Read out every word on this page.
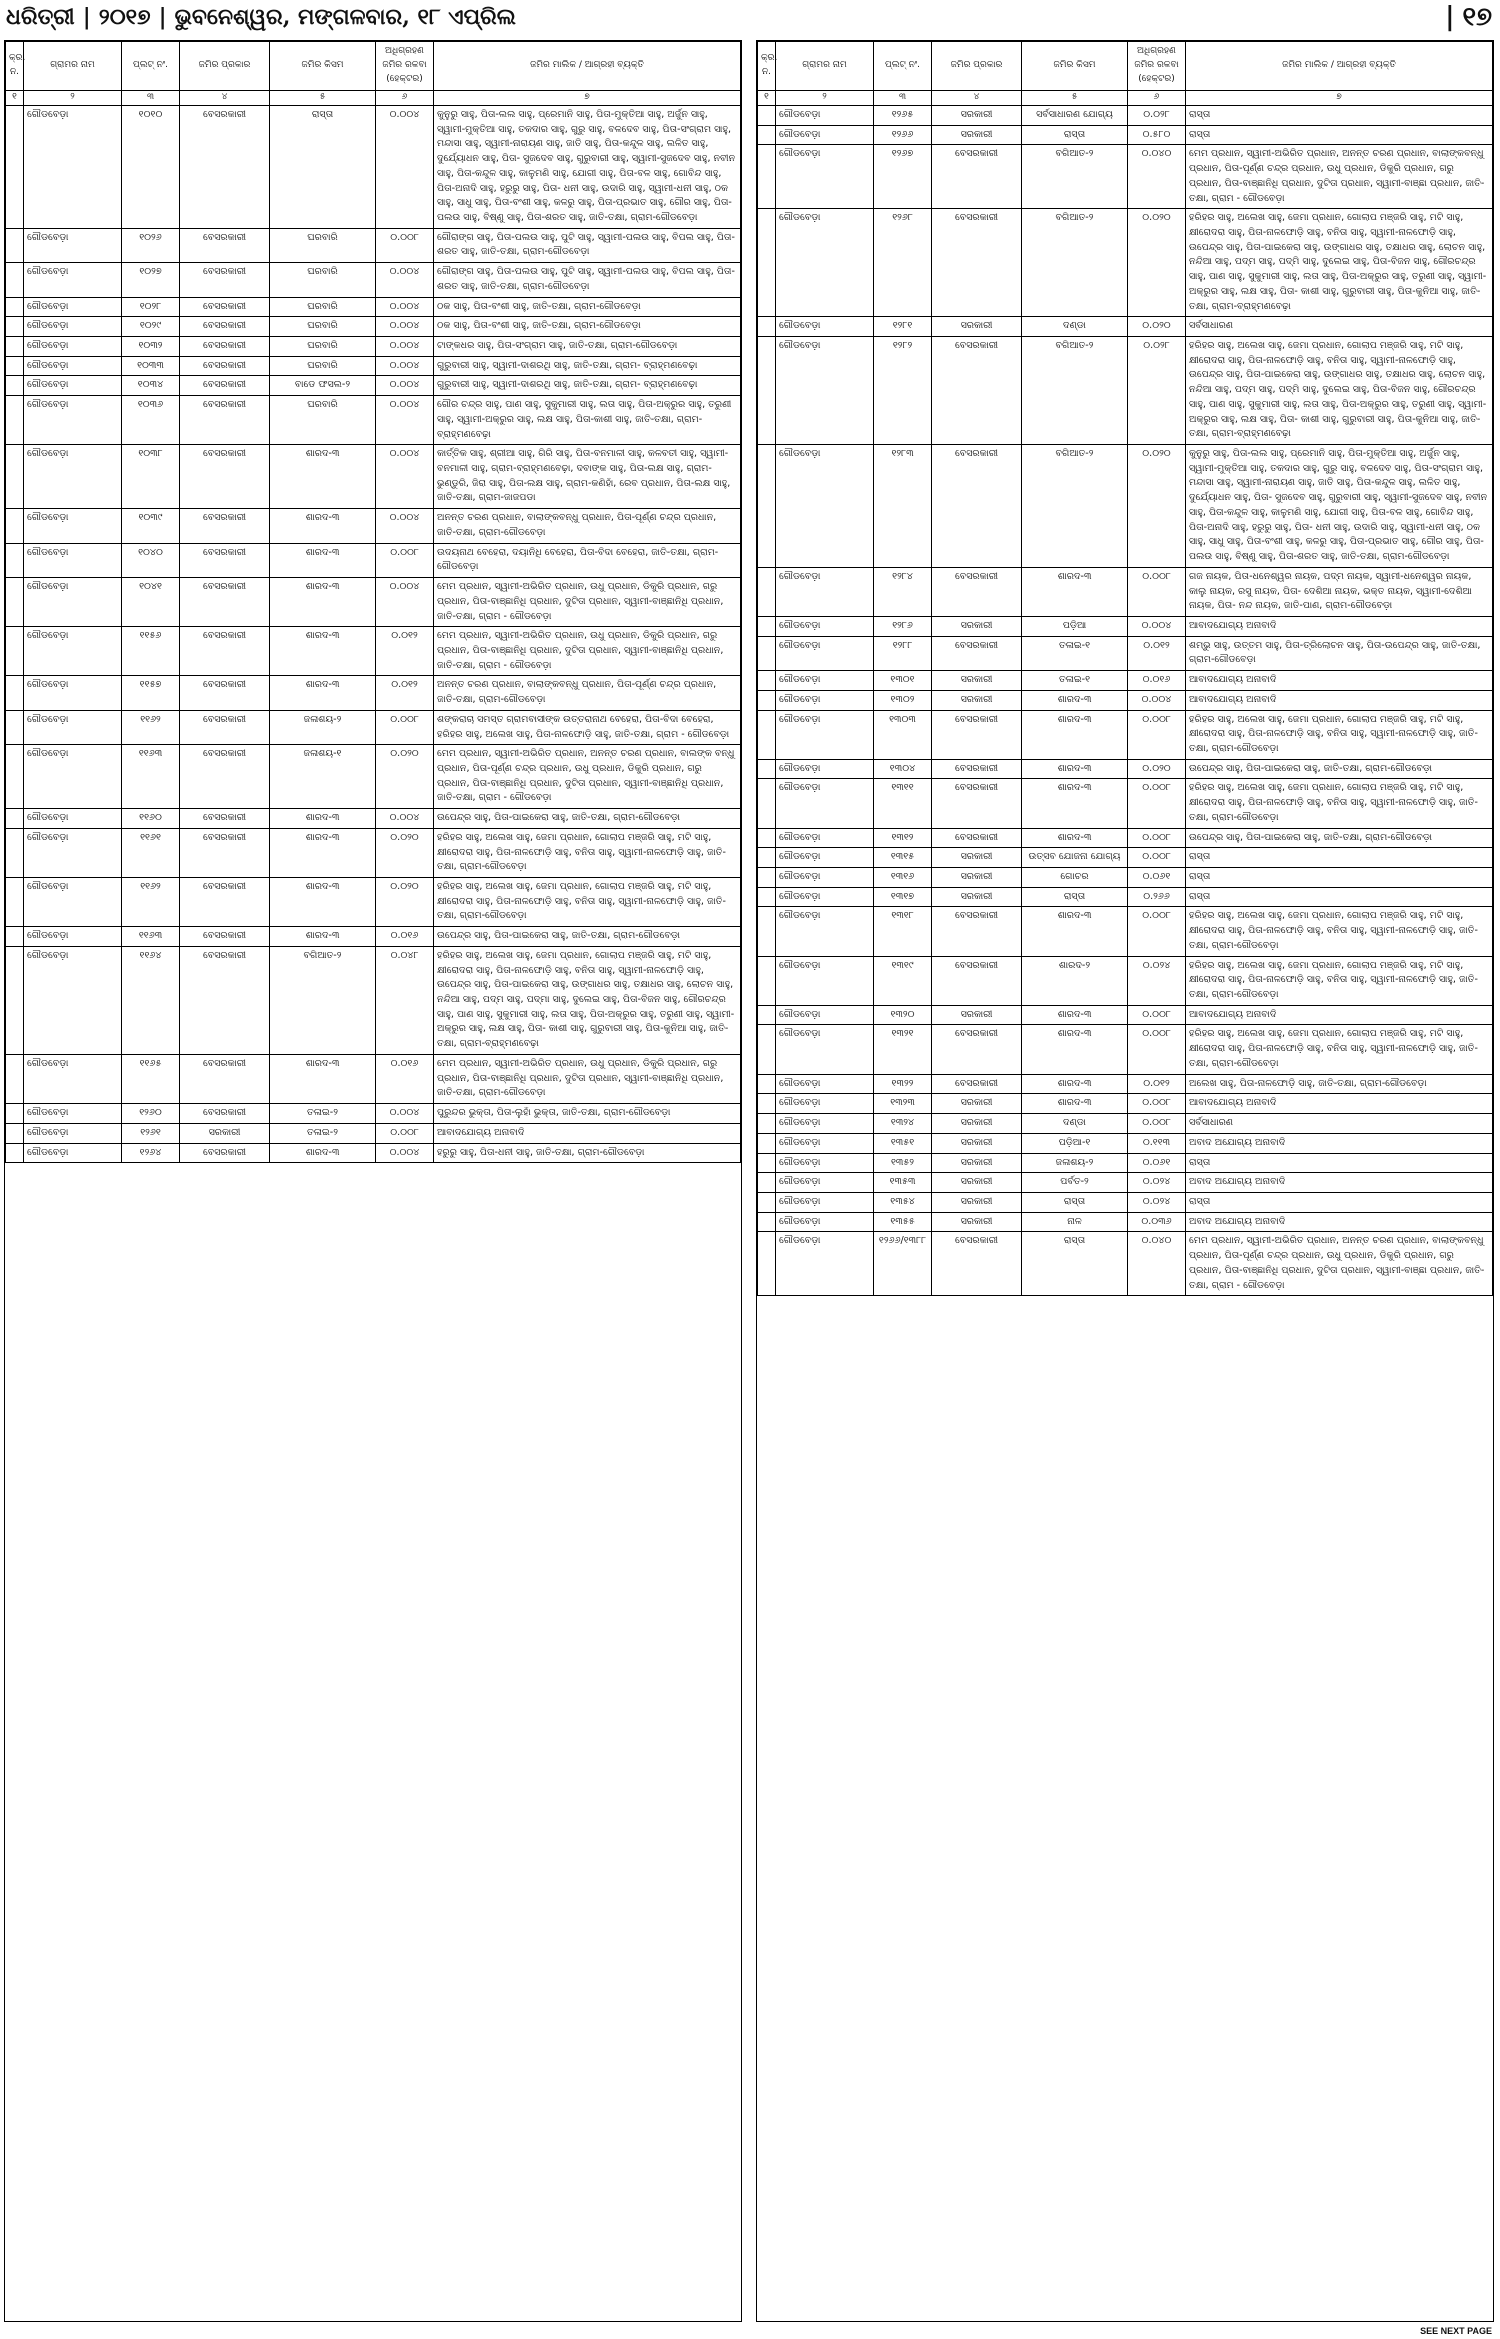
ଧରିତ୍ରୀ | ୨୦୧୭ | ଭୁବନେଶ୍ୱର, ମଙ୍ଗଳବାର, ୧୮ ଏପ୍ରିଲ	| ୧୭
କ୍ର. ନ.	ଗ୍ରାମର ନାମ	ପ୍ଲଟ୍ ନଂ.	ଜମିର ପ୍ରକାର	ଜମିର କିସମ	ଅଧିଗ୍ରହଣ ଜମିର ରକବା (ହେକ୍ଟର)	ଜମିର ମାଲିକ / ଆଗ୍ରହୀ ବ୍ୟକ୍ତି
୧	୨	୩	୪	୫	୬	୭
	ଗୌଡବେଡ଼ା	୧୦୧୦	ବେସରକାରୀ	ରାସ୍ତା	୦.୦୦୪	କୁନୁରୁ ସାହୁ, ପିତା-ଲଲ ସାହୁ, ପ୍ରେମାନି ସାହୁ, ପିତା-ମୁକ୍ତିଆ ସାହୁ, ଅର୍ଜୁନ ସାହୁ, ସ୍ୱାମୀ-ମୁକ୍ତିଆ ସାହୁ, ତକଦାର ସାହୁ, ଗୁରୁ ସାହୁ, ବଳଦେବ ସାହୁ, ପିତା-ସଂଗ୍ରାମ ସାହୁ, ମନ୍ଦାସା ସାହୁ, ସ୍ୱାମୀ-ନାରାୟଣ ସାହୁ, ଜାତି ସାହୁ, ପିତା-କନ୍ଦୁଳ ସାହୁ, ଲଳିତ ସାହୁ, ଦୁର୍ଯ୍ୟୋଧନ ସାହୁ, ପିତା- ସୁଜଦେବ ସାହୁ, ଗୁରୁବାରୀ ସାହୁ, ସ୍ୱାମୀ-ସୁଜଦେବ ସାହୁ, ନବୀନ ସାହୁ, ପିତା-କନ୍ଦୁଳ ସାହୁ, କାଳୁମଣି ସାହୁ, ଯୋଗୀ ସାହୁ, ପିତା-ବଳ ସାହୁ, ଗୋବିନ୍ଦ ସାହୁ, ପିତା-ଅନାଦି ସାହୁ, ହରୁରୁ ସାହୁ, ପିତା- ଧନୀ ସାହୁ, ଉଦାରି ସାହୁ, ସ୍ୱାମୀ-ଧନୀ ସାହୁ, ଠକ ସାହୁ, ସାଧୁ ସାହୁ, ପିତା-ବଂଶୀ ସାହୁ, କଳରୁ ସାହୁ, ପିତା-ପ୍ରଭାତ ସାହୁ, ଗୌର ସାହୁ, ପିତା- ପଲଉ ସାହୁ, ବିଷ୍ଣୁ ସାହୁ, ପିତା-ଶରତ ସାହୁ, ଜାତି-ତକ୍ଷା, ଗ୍ରାମ-ଗୌଡବେଡ଼ା
	ଗୌଡବେଡ଼ା	୧୦୨୬	ବେସରକାରୀ	ଘରବାରି	୦.୦୦୮	ଗୌରାଙ୍ଗ ସାହୁ, ପିତା-ପଲଉ ସାହୁ, ପୁଟି ସାହୁ, ସ୍ୱାମୀ-ପଲଉ ସାହୁ, ବିପଲ ସାହୁ, ପିତା-ଶରତ ସାହୁ, ଜାତି-ତକ୍ଷା, ଗ୍ରାମ-ଗୌଡବେଡ଼ା
	ଗୌଡବେଡ଼ା	୧୦୨୭	ବେସରକାରୀ	ଘରବାରି	୦.୦୦୪	ଗୌରାଙ୍ଗ ସାହୁ, ପିତା-ପଲଉ ସାହୁ, ପୁଟି ସାହୁ, ସ୍ୱାମୀ-ପଲଉ ସାହୁ, ବିପଲ ସାହୁ, ପିତା-ଶରତ ସାହୁ, ଜାତି-ତକ୍ଷା, ଗ୍ରାମ-ଗୌଡବେଡ଼ା
	ଗୌଡବେଡ଼ା	୧୦୨୮	ବେସରକାରୀ	ଘରବାରି	୦.୦୦୪	ଠକ ସାହୁ, ପିତା-ବଂଶୀ ସାହୁ, ଜାତି-ତକ୍ଷା, ଗ୍ରାମ-ଗୌଡବେଡ଼ା
	ଗୌଡବେଡ଼ା	୧୦୨୯	ବେସରକାରୀ	ଘରବାରି	୦.୦୦୪	ଠକ ସାହୁ, ପିତା-ବଂଶୀ ସାହୁ, ଜାତି-ତକ୍ଷା, ଗ୍ରାମ-ଗୌଡବେଡ଼ା
	ଗୌଡବେଡ଼ା	୧୦୩୨	ବେସରକାରୀ	ଘରବାରି	୦.୦୦୪	ଟାଙ୍କଧର ସାହୁ, ପିତା-ସଂଗ୍ରାମ ସାହୁ, ଜାତି-ତକ୍ଷା, ଗ୍ରାମ-ଗୌଡବେଡ଼ା
	ଗୌଡବେଡ଼ା	୧୦୩୩	ବେସରକାରୀ	ଘରବାରି	୦.୦୦୪	ଗୁରୁବାରୀ ସାହୁ, ସ୍ୱାମୀ-ଦାଶରଥି ସାହୁ, ଜାତି-ତକ୍ଷା, ଗ୍ରାମ- ବ୍ରାହ୍ମଣବେଢ଼ା
	ଗୌଡବେଡ଼ା	୧୦୩୪	ବେସରକାରୀ	ବାଡେ ଫସଲ-୨	୦.୦୦୪	ଗୁରୁବାରୀ ସାହୁ, ସ୍ୱାମୀ-ଦାଶରଥି ସାହୁ, ଜାତି-ତକ୍ଷା, ଗ୍ରାମ- ବ୍ରାହ୍ମଣବେଢ଼ା
	ଗୌଡବେଡ଼ା	୧୦୩୬	ବେସରକାରୀ	ଘରବାରି	୦.୦୦୪	ଗୌର ଚନ୍ଦ୍ର ସାହୁ, ପାଣ ସାହୁ, ସୁକୁମାରୀ ସାହୁ, ଲତା ସାହୁ, ପିତା-ଅକ୍ରୁର ସାହୁ, ତରୁଣୀ ସାହୁ, ସ୍ୱାମୀ-ଅକ୍ରୁର ସାହୁ, ଲକ୍ଷ ସାହୁ, ପିତା-କାଶୀ ସାହୁ, ଜାତି-ତକ୍ଷା, ଗ୍ରାମ-ବ୍ରାହ୍ମଣବେଢ଼ା
	ଗୌଡବେଡ଼ା	୧୦୩୮	ବେସରକାରୀ	ଶାରଦ-୩	୦.୦୦୪	କାର୍ତ୍ତିକ ସାହୁ, ଶ୍ରୀଆ ସାହୁ, ଗିରି ସାହୁ, ପିତା-ବନମାଳୀ ସାହୁ, କଳବତୀ ସାହୁ, ସ୍ୱାମୀ-ବନମାଳୀ ସାହୁ, ଗ୍ରାମ-ବ୍ରାହ୍ମଣବେଢ଼ା, ଦବାଙ୍କ ସାହୁ, ପିତା-ଲକ୍ଷ ସାହୁ, ଗ୍ରାମ-ଭୁଣ୍ଡୁରି, ଜିରା ସାହୁ, ପିତା-ଲକ୍ଷ ସାହୁ, ଗ୍ରାମ-କଣିହାଁ, ରେବ ପ୍ରଧାନ, ପିତା-ଲକ୍ଷ ସାହୁ, ଜାତି-ତକ୍ଷା, ଗ୍ରାମ-ଜାଜପଡା
	ଗୌଡବେଡ଼ା	୧୦୩୯	ବେସରକାରୀ	ଶାରଦ-୩	୦.୦୦୪	ଅନନ୍ତ ଚରଣ ପ୍ରଧାନ, ବାଲାଙ୍କବନ୍ଧୁ ପ୍ରଧାନ, ପିତା-ପୂର୍ଣ୍ଣ ଚନ୍ଦ୍ର ପ୍ରଧାନ, ଜାତି-ତକ୍ଷା, ଗ୍ରାମ-ଗୌଡବେଡ଼ା
	ଗୌଡବେଡ଼ା	୧୦୪୦	ବେସରକାରୀ	ଶାରଦ-୩	୦.୦୦୮	ଉଦୟନାଥ ବେହେରା, ଦୟାନିଧି ବେହେରା, ପିତା-ବିଦା ବେହେରା, ଜାତି-ତକ୍ଷା, ଗ୍ରାମ-ଗୌଡବେଡ଼ା
	ଗୌଡବେଡ଼ା	୧୦୪୧	ବେସରକାରୀ	ଶାରଦ-୩	୦.୦୦୪	ମେମ ପ୍ରଧାନ, ସ୍ୱାମୀ-ଅଭିରିତ ପ୍ରଧାନ, ଉଧୁ ପ୍ରଧାନ, ଡିକୁରି ପ୍ରଧାନ, ଗରୁ ପ୍ରଧାନ, ପିତା-ବାଞ୍ଛାନିଧି ପ୍ରଧାନ, ଦୁଟିତା ପ୍ରଧାନ, ସ୍ୱାମୀ-ବାଞ୍ଛାନିଧି ପ୍ରଧାନ, ଜାତି-ତକ୍ଷା, ଗ୍ରାମ - ଗୌଡବେଡ଼ା
	ଗୌଡବେଡ଼ା	୧୧୫୬	ବେସରକାରୀ	ଶାରଦ-୩	୦.୦୧୨	ମେମ ପ୍ରଧାନ, ସ୍ୱାମୀ-ଅଭିରିତ ପ୍ରଧାନ, ଉଧୁ ପ୍ରଧାନ, ଡିକୁରି ପ୍ରଧାନ, ଗରୁ ପ୍ରଧାନ, ପିତା-ବାଞ୍ଛାନିଧି ପ୍ରଧାନ, ଦୁଟିତା ପ୍ରଧାନ, ସ୍ୱାମୀ-ବାଞ୍ଛାନିଧି ପ୍ରଧାନ, ଜାତି-ତକ୍ଷା, ଗ୍ରାମ - ଗୌଡବେଡ଼ା
	ଗୌଡବେଡ଼ା	୧୧୫୭	ବେସରକାରୀ	ଶାରଦ-୩	୦.୦୧୨	ଅନନ୍ତ ଚରଣ ପ୍ରଧାନ, ବାଲାଙ୍କବନ୍ଧୁ ପ୍ରଧାନ, ପିତା-ପୂର୍ଣ୍ଣ ଚନ୍ଦ୍ର ପ୍ରଧାନ, ଜାତି-ତକ୍ଷା, ଗ୍ରାମ-ଗୌଡବେଡ଼ା
	ଗୌଡବେଡ଼ା	୧୧୬୨	ବେସରକାରୀ	ଜଳାଶୟ-୨	୦.୦୦୮	ଶଙ୍କରାଚା ସମସ୍ତ ଗ୍ରାମବାସୀଙ୍କ ଉତ୍ତରାନାଥ ବେହେରା, ପିତା-ବିଦା ବେହେରା, ହରିହର ସାହୁ, ଅଲେଖ ସାହୁ, ପିତା-ନାଳଫୋଡ଼ି ସାହୁ, ଜାତି-ତକ୍ଷା, ଗ୍ରାମ - ଗୌଡବେଡ଼ା
	ଗୌଡବେଡ଼ା	୧୧୬୩	ବେସରକାରୀ	ଜଳାଶୟ-୧	୦.୦୨୦	ମେମ ପ୍ରଧାନ, ସ୍ୱାମୀ-ଅଭିରିତ ପ୍ରଧାନ, ଅନନ୍ତ ଚରଣ ପ୍ରଧାନ, ବାଲଙ୍କ ବନ୍ଧୁ ପ୍ରଧାନ, ପିତା-ପୂର୍ଣ୍ଣ ଚନ୍ଦ୍ର ପ୍ରଧାନ, ଉଧୁ ପ୍ରଧାନ, ଡିକୁରି ପ୍ରଧାନ, ଗରୁ ପ୍ରଧାନ, ପିତା-ବାଞ୍ଛାନିଧି ପ୍ରଧାନ, ଦୁଟିତା ପ୍ରଧାନ, ସ୍ୱାମୀ-ବାଞ୍ଛାନିଧି ପ୍ରଧାନ, ଜାତି-ତକ୍ଷା, ଗ୍ରାମ - ଗୌଡବେଡ଼ା
	ଗୌଡବେଡ଼ା	୧୧୬୦	ବେସରକାରୀ	ଶାରଦ-୩	୦.୦୦୪	ଉପେନ୍ଦ୍ର ସାହୁ, ପିତା-ପାଇକେରା ସାହୁ, ଜାତି-ତକ୍ଷା, ଗ୍ରାମ-ଗୌଡବେଡ଼ା
	ଗୌଡବେଡ଼ା	୧୧୬୧	ବେସରକାରୀ	ଶାରଦ-୩	୦.୦୨୦	ହରିହର ସାହୁ, ଅଲେଖ ସାହୁ, ଜେମା ପ୍ରଧାନ, ଗୋଲାପ ମଞ୍ଜରି ସାହୁ, ମଟି ସାହୁ, କ୍ଷୀରୋଦରା ସାହୁ, ପିତା-ନାଳଫୋଡ଼ି ସାହୁ, ବନିତା ସାହୁ, ସ୍ୱାମୀ-ନାଳଫୋଡ଼ି ସାହୁ, ଜାତି-ତକ୍ଷା, ଗ୍ରାମ-ଗୌଡବେଡ଼ା
	ଗୌଡବେଡ଼ା	୧୧୬୨	ବେସରକାରୀ	ଶାରଦ-୩	୦.୦୨୦	ହରିହର ସାହୁ, ଅଲେଖ ସାହୁ, ଜେମା ପ୍ରଧାନ, ଗୋଲାପ ମଞ୍ଜରି ସାହୁ, ମଟି ସାହୁ, କ୍ଷୀରୋଦରା ସାହୁ, ପିତା-ନାଳଫୋଡ଼ି ସାହୁ, ବନିତା ସାହୁ, ସ୍ୱାମୀ-ନାଳଫୋଡ଼ି ସାହୁ, ଜାତି-ତକ୍ଷା, ଗ୍ରାମ-ଗୌଡବେଡ଼ା
	ଗୌଡବେଡ଼ା	୧୧୬୩	ବେସରକାରୀ	ଶାରଦ-୩	୦.୦୧୬	ଉପେନ୍ଦ୍ର ସାହୁ, ପିତା-ପାଇକେରା ସାହୁ, ଜାତି-ତକ୍ଷା, ଗ୍ରାମ-ଗୌଡବେଡ଼ା
	ଗୌଡବେଡ଼ା	୧୧୬୪	ବେସରକାରୀ	ବଗିଆତ-୨	୦.୦୪୮	ହରିହର ସାହୁ, ଅଲେଖ ସାହୁ, ଜେମା ପ୍ରଧାନ, ଗୋଲାପ ମଞ୍ଜରି ସାହୁ, ମଟି ସାହୁ, କ୍ଷୀରୋଦରା ସାହୁ, ପିତା-ନାଳଫୋଡ଼ି ସାହୁ, ବନିତା ସାହୁ, ସ୍ୱାମୀ-ନାଳଫୋଡ଼ି ସାହୁ, ଉପେନ୍ଦ୍ର ସାହୁ, ପିତା-ପାଇକେରା ସାହୁ, ଉଙ୍ଗାଧର ସାହୁ, ତକ୍ଷାଧର ସାହୁ, ଲୋଚନ ସାହୁ, ନନ୍ଦିଆ ସାହୁ, ପଦ୍ମ ସାହୁ, ପଦ୍ମା ସାହୁ, ଦୁଲେଇ ସାହୁ, ପିତା-ବିଜନ ସାହୁ, ଗୌରଚନ୍ଦ୍ର ସାହୁ, ପାଣ ସାହୁ, ସୁକୁମାରୀ ସାହୁ, ଲତା ସାହୁ, ପିତା-ଅକ୍ରୁର ସାହୁ, ତରୁଣୀ ସାହୁ, ସ୍ୱାମୀ-ଅକ୍ରୁର ସାହୁ, ଲକ୍ଷ ସାହୁ, ପିତା- କାଶୀ ସାହୁ, ଗୁରୁବାରୀ ସାହୁ, ପିତା-କୁନିଆ ସାହୁ, ଜାତି-ତକ୍ଷା, ଗ୍ରାମ-ବ୍ରାହ୍ମଣବେଢ଼ା
	ଗୌଡବେଡ଼ା	୧୧୬୫	ବେସରକାରୀ	ଶାରଦ-୩	୦.୦୧୬	ମେମ ପ୍ରଧାନ, ସ୍ୱାମୀ-ଅଭିରିତ ପ୍ରଧାନ, ଉଧୁ ପ୍ରଧାନ, ଡିକୁରି ପ୍ରଧାନ, ଗରୁ ପ୍ରଧାନ, ପିତା-ବାଞ୍ଛାନିଧି ପ୍ରଧାନ, ଦୁଟିତା ପ୍ରଧାନ, ସ୍ୱାମୀ-ବାଞ୍ଛାନିଧି ପ୍ରଧାନ, ଜାତି-ତକ୍ଷା, ଗ୍ରାମ-ଗୌଡବେଡ଼ା
	ଗୌଡବେଡ଼ା	୧୨୬୦	ବେସରକାରୀ	ତଳାଇ-୨	୦.୦୦୪	ପୁରୁନ୍ଦର ଭୁକ୍ତା, ପିତା-ଲୁହାଁ ଭୁକ୍ତା, ଜାତି-ତକ୍ଷା, ଗ୍ରାମ-ଗୌଡବେଡ଼ା
	ଗୌଡବେଡ଼ା	୧୨୬୧	ସରକାରୀ	ତଳାଇ-୨	୦.୦୦୮	ଆବାଦଯୋଗ୍ୟ ଅନାବାଦି
	ଗୌଡବେଡ଼ା	୧୨୬୪	ବେସରକାରୀ	ଶାରଦ-୩	୦.୦୦୪	ହରୁରୁ ସାହୁ, ପିତା-ଧନୀ ସାହୁ, ଜାତି-ତକ୍ଷା, ଗ୍ରାମ-ଗୌଡବେଡ଼ା
କ୍ର. ନ.	ଗ୍ରାମର ନାମ	ପ୍ଲଟ୍ ନଂ.	ଜମିର ପ୍ରକାର	ଜମିର କିସମ	ଅଧିଗ୍ରହଣ ଜମିର ରକବା (ହେକ୍ଟର)	ଜମିର ମାଲିକ / ଆଗ୍ରହୀ ବ୍ୟକ୍ତି
୧	୨	୩	୪	୫	୬	୭
	ଗୌଡବେଡ଼ା	୧୨୬୫	ସରକାରୀ	ସର୍ବସାଧାରଣ ଯୋଗ୍ୟ	୦.୦୨୮	ରାସ୍ତା
	ଗୌଡବେଡ଼ା	୧୨୬୬	ସରକାରୀ	ରାସ୍ତା	୦.୫୮୦	ରାସ୍ତା
	ଗୌଡବେଡ଼ା	୧୨୬୭	ବେସରକାରୀ	ବଗିଆତ-୨	୦.୦୪୦	ମେମ ପ୍ରଧାନ, ସ୍ୱାମୀ-ଅଭିରିତ ପ୍ରଧାନ, ଅନନ୍ତ ଚରଣ ପ୍ରଧାନ, ବାଲାଙ୍କବନ୍ଧୁ ପ୍ରଧାନ, ପିତା-ପୂର୍ଣ୍ଣ ଚନ୍ଦ୍ର ପ୍ରଧାନ, ଉଧୁ ପ୍ରଧାନ, ଡିକୁରି ପ୍ରଧାନ, ଗରୁ ପ୍ରଧାନ, ପିତା-ବାଞ୍ଛାନିଧି ପ୍ରଧାନ, ଦୁଟିତା ପ୍ରଧାନ, ସ୍ୱାମୀ-ବାଞ୍ଛା ପ୍ରଧାନ, ଜାତି-ତକ୍ଷା, ଗ୍ରାମ - ଗୌଡବେଡ଼ା
	ଗୌଡବେଡ଼ା	୧୨୬୮	ବେସରକାରୀ	ବଗିଆତ-୨	୦.୦୨୦	ହରିହର ସାହୁ, ଅଲେଖ ସାହୁ, ଜେମା ପ୍ରଧାନ, ଗୋଲାପ ମଞ୍ଜରି ସାହୁ, ମଟି ସାହୁ, କ୍ଷୀରୋଦରା ସାହୁ, ପିତା-ନାଳଫୋଡ଼ି ସାହୁ, ବନିତା ସାହୁ, ସ୍ୱାମୀ-ନାଳଫୋଡ଼ି ସାହୁ, ଉପେନ୍ଦ୍ର ସାହୁ, ପିତା-ପାଇକେରା ସାହୁ, ଉଙ୍ଗାଧର ସାହୁ, ତକ୍ଷାଧର ସାହୁ, ଲୋଚନ ସାହୁ, ନନ୍ଦିଆ ସାହୁ, ପଦ୍ମ ସାହୁ, ପଦ୍ମି ସାହୁ, ଦୁଲେଇ ସାହୁ, ପିତା-ବିଜନ ସାହୁ, ଗୌରଚନ୍ଦ୍ର ସାହୁ, ପାଣ ସାହୁ, ସୁକୁମାରୀ ସାହୁ, ଲତା ସାହୁ, ପିତା-ଅକ୍ରୁର ସାହୁ, ତରୁଣୀ ସାହୁ, ସ୍ୱାମୀ-ଅକ୍ରୁର ସାହୁ, ଲକ୍ଷ ସାହୁ, ପିତା- କାଶୀ ସାହୁ, ଗୁରୁବାରୀ ସାହୁ, ପିତା-କୁନିଆ ସାହୁ, ଜାତି-ତକ୍ଷା, ଗ୍ରାମ-ବ୍ରାହ୍ମଣବେଢ଼ା
	ଗୌଡବେଡ଼ା	୧୨୮୧	ସରକାରୀ	ଦଣ୍ଡା	୦.୦୨୦	ସର୍ବସାଧାରଣ
	ଗୌଡବେଡ଼ା	୧୨୮୨	ବେସରକାରୀ	ବଗିଆତ-୨	୦.୦୨୮	ହରିହର ସାହୁ, ଅଲେଖ ସାହୁ, ଜେମା ପ୍ରଧାନ, ଗୋଲାପ ମଞ୍ଜରି ସାହୁ, ମଟି ସାହୁ, କ୍ଷୀରୋଦରା ସାହୁ, ପିତା-ନାଳଫୋଡ଼ି ସାହୁ, ବନିତା ସାହୁ, ସ୍ୱାମୀ-ନାଳଫୋଡ଼ି ସାହୁ, ଉପେନ୍ଦ୍ର ସାହୁ, ପିତା-ପାଇକେରା ସାହୁ, ଉଙ୍ଗାଧର ସାହୁ, ତକ୍ଷାଧର ସାହୁ, ଲୋଚନ ସାହୁ, ନନ୍ଦିଆ ସାହୁ, ପଦ୍ମ ସାହୁ, ପଦ୍ମି ସାହୁ, ଦୁଲେଇ ସାହୁ, ପିତା-ବିଜନ ସାହୁ, ଗୌରଚନ୍ଦ୍ର ସାହୁ, ପାଣ ସାହୁ, ସୁକୁମାରୀ ସାହୁ, ଲତା ସାହୁ, ପିତା-ଅକ୍ରୁର ସାହୁ, ତରୁଣୀ ସାହୁ, ସ୍ୱାମୀ-ଅକ୍ରୁର ସାହୁ, ଲକ୍ଷ ସାହୁ, ପିତା- କାଶୀ ସାହୁ, ଗୁରୁବାରୀ ସାହୁ, ପିତା-କୁନିଆ ସାହୁ, ଜାତି-ତକ୍ଷା, ଗ୍ରାମ-ବ୍ରାହ୍ମଣବେଢ଼ା
	ଗୌଡବେଡ଼ା	୧୨୮୩	ବେସରକାରୀ	ବଗିଆତ-୨	୦.୦୨୦	କୁନୁରୁ ସାହୁ, ପିତା-ଲଲ ସାହୁ, ପ୍ରେମାନି ସାହୁ, ପିତା-ମୁକ୍ତିଆ ସାହୁ, ଅର୍ଜୁନ ସାହୁ, ସ୍ୱାମୀ-ମୁକ୍ତିଆ ସାହୁ, ତକଦାର ସାହୁ, ଗୁରୁ ସାହୁ, ବଳଦେବ ସାହୁ, ପିତା-ସଂଗ୍ରାମ ସାହୁ, ମନ୍ଦାସା ସାହୁ, ସ୍ୱାମୀ-ନାରାୟଣ ସାହୁ, ଜାତି ସାହୁ, ପିତା-କନ୍ଦୁଳ ସାହୁ, ଲଳିତ ସାହୁ, ଦୁର୍ଯ୍ୟୋଧନ ସାହୁ, ପିତା- ସୁଜଦେବ ସାହୁ, ଗୁରୁବାରୀ ସାହୁ, ସ୍ୱାମୀ-ସୁଜଦେବ ସାହୁ, ନବୀନ ସାହୁ, ପିତା-କନ୍ଦୁଳ ସାହୁ, କାଳୁମଣି ସାହୁ, ଯୋଗୀ ସାହୁ, ପିତା-ବଳ ସାହୁ, ଗୋବିନ୍ଦ ସାହୁ, ପିତା-ଅନାଦି ସାହୁ, ହରୁରୁ ସାହୁ, ପିତା- ଧନୀ ସାହୁ, ଉଦାରି ସାହୁ, ସ୍ୱାମୀ-ଧନୀ ସାହୁ, ଠକ ସାହୁ, ସାଧୁ ସାହୁ, ପିତା-ବଂଶୀ ସାହୁ, କଳରୁ ସାହୁ, ପିତା-ପ୍ରଭାତ ସାହୁ, ଗୌର ସାହୁ, ପିତା- ପଲଉ ସାହୁ, ବିଷ୍ଣୁ ସାହୁ, ପିତା-ଶରତ ସାହୁ, ଜାତି-ତକ୍ଷା, ଗ୍ରାମ-ଗୌଡବେଡ଼ା
	ଗୌଡବେଡ଼ା	୧୨୮୪	ବେସରକାରୀ	ଶାରଦ-୩	୦.୦୦୮	ଗଜ ନାୟକ, ପିତା-ଧନେଶ୍ୱର ନାୟକ, ପଦ୍ମ ନାୟକ, ସ୍ୱାମୀ-ଧନେଶ୍ୱର ନାୟକ, କାଲୁ ନାୟକ, ରସୁ ନାୟକ, ପିତା- ଦେଶିଆ ନାୟକ, ଭକ୍ତ ନାୟକ, ସ୍ୱାମୀ-ଦେଶିଆ ନାୟକ, ପିତା- ନନ୍ଦ ନାୟକ, ଜାତି-ପାଣ, ଗ୍ରାମ-ଗୌଡବେଡ଼ା
	ଗୌଡବେଡ଼ା	୧୨୮୬	ସରକାରୀ	ପଡ଼ିଆ	୦.୦୦୪	ଆବାଦଯୋଗ୍ୟ ଅନାବାଦି
	ଗୌଡବେଡ଼ା	୧୨୮୮	ବେସରକାରୀ	ତଳାଇ-୧	୦.୦୧୨	ଶମ୍ଭୁ ସାହୁ, ଉତ୍ତମ ସାହୁ, ପିତା-ତ୍ରିଲୋଚନ ସାହୁ, ପିତା-ଉପେନ୍ଦ୍ର ସାହୁ, ଜାତି-ତକ୍ଷା, ଗ୍ରାମ-ଗୌଡବେଡ଼ା
	ଗୌଡବେଡ଼ା	୧୩୦୧	ସରକାରୀ	ତଳାଇ-୧	୦.୦୧୬	ଆବାଦଯୋଗ୍ୟ ଅନାବାଦି
	ଗୌଡବେଡ଼ା	୧୩୦୨	ସରକାରୀ	ଶାରଦ-୩	୦.୦୦୪	ଆବାଦଯୋଗ୍ୟ ଅନାବାଦି
	ଗୌଡବେଡ଼ା	୧୩୦୩	ବେସରକାରୀ	ଶାରଦ-୩	୦.୦୦୮	ହରିହର ସାହୁ, ଅଲେଖ ସାହୁ, ଜେମା ପ୍ରଧାନ, ଗୋଲାପ ମଞ୍ଜରି ସାହୁ, ମଟି ସାହୁ, କ୍ଷୀରୋଦରା ସାହୁ, ପିତା-ନାଳଫୋଡ଼ି ସାହୁ, ବନିତା ସାହୁ, ସ୍ୱାମୀ-ନାଳଫୋଡ଼ି ସାହୁ, ଜାତି-ତକ୍ଷା, ଗ୍ରାମ-ଗୌଡବେଡ଼ା
	ଗୌଡବେଡ଼ା	୧୩୦୪	ବେସରକାରୀ	ଶାରଦ-୩	୦.୦୨୦	ଉପେନ୍ଦ୍ର ସାହୁ, ପିତା-ପାଇକେରା ସାହୁ, ଜାତି-ତକ୍ଷା, ଗ୍ରାମ-ଗୌଡବେଡ଼ା
	ଗୌଡବେଡ଼ା	୧୩୧୧	ବେସରକାରୀ	ଶାରଦ-୩	୦.୦୦୮	ହରିହର ସାହୁ, ଅଲେଖ ସାହୁ, ଜେମା ପ୍ରଧାନ, ଗୋଲାପ ମଞ୍ଜରି ସାହୁ, ମଟି ସାହୁ, କ୍ଷୀରୋଦରା ସାହୁ, ପିତା-ନାଳଫୋଡ଼ି ସାହୁ, ବନିତା ସାହୁ, ସ୍ୱାମୀ-ନାଳଫୋଡ଼ି ସାହୁ, ଜାତି-ତକ୍ଷା, ଗ୍ରାମ-ଗୌଡବେଡ଼ା
	ଗୌଡବେଡ଼ା	୧୩୧୨	ବେସରକାରୀ	ଶାରଦ-୩	୦.୦୦୮	ଉପେନ୍ଦ୍ର ସାହୁ, ପିତା-ପାଇକେରା ସାହୁ, ଜାତି-ତକ୍ଷା, ଗ୍ରାମ-ଗୌଡବେଡ଼ା
	ଗୌଡବେଡ଼ା	୧୩୧୫	ସରକାରୀ	ଉତ୍ସବ ଯୋଜନା ଯୋଗ୍ୟ	୦.୦୦୮	ରାସ୍ତା
	ଗୌଡବେଡ଼ା	୧୩୧୬	ସରକାରୀ	ଗୋଚର	୦.୦୬୧	ରାସ୍ତା
	ଗୌଡବେଡ଼ା	୧୩୧୭	ସରକାରୀ	ରାସ୍ତା	୦.୨୬୬	ରାସ୍ତା
	ଗୌଡବେଡ଼ା	୧୩୧୮	ବେସରକାରୀ	ଶାରଦ-୩	୦.୦୦୮	ହରିହର ସାହୁ, ଅଲେଖ ସାହୁ, ଜେମା ପ୍ରଧାନ, ଗୋଲାପ ମଞ୍ଜରି ସାହୁ, ମଟି ସାହୁ, କ୍ଷୀରୋଦରା ସାହୁ, ପିତା-ନାଳଫୋଡ଼ି ସାହୁ, ବନିତା ସାହୁ, ସ୍ୱାମୀ-ନାଳଫୋଡ଼ି ସାହୁ, ଜାତି-ତକ୍ଷା, ଗ୍ରାମ-ଗୌଡବେଡ଼ା
	ଗୌଡବେଡ଼ା	୧୩୧୯	ବେସରକାରୀ	ଶାରଦ-୨	୦.୦୨୪	ହରିହର ସାହୁ, ଅଲେଖ ସାହୁ, ଜେମା ପ୍ରଧାନ, ଗୋଲାପ ମଞ୍ଜରି ସାହୁ, ମଟି ସାହୁ, କ୍ଷୀରୋଦରା ସାହୁ, ପିତା-ନାଳଫୋଡ଼ି ସାହୁ, ବନିତା ସାହୁ, ସ୍ୱାମୀ-ନାଳଫୋଡ଼ି ସାହୁ, ଜାତି-ତକ୍ଷା, ଗ୍ରାମ-ଗୌଡବେଡ଼ା
	ଗୌଡବେଡ଼ା	୧୩୨୦	ସରକାରୀ	ଶାରଦ-୩	୦.୦୦୮	ଆବାଦଯୋଗ୍ୟ ଅନାବାଦି
	ଗୌଡବେଡ଼ା	୧୩୨୧	ବେସରକାରୀ	ଶାରଦ-୩	୦.୦୦୮	ହରିହର ସାହୁ, ଅଲେଖ ସାହୁ, ଜେମା ପ୍ରଧାନ, ଗୋଲାପ ମଞ୍ଜରି ସାହୁ, ମଟି ସାହୁ, କ୍ଷୀରୋଦରା ସାହୁ, ପିତା-ନାଳଫୋଡ଼ି ସାହୁ, ବନିତା ସାହୁ, ସ୍ୱାମୀ-ନାଳଫୋଡ଼ି ସାହୁ, ଜାତି-ତକ୍ଷା, ଗ୍ରାମ-ଗୌଡବେଡ଼ା
	ଗୌଡବେଡ଼ା	୧୩୨୨	ବେସରକାରୀ	ଶାରଦ-୩	୦.୦୧୨	ଅଲେଖ ସାହୁ, ପିତା-ନାଳଫୋଡ଼ି ସାହୁ, ଜାତି-ତକ୍ଷା, ଗ୍ରାମ-ଗୌଡବେଡ଼ା
	ଗୌଡବେଡ଼ା	୧୩୨୩	ସରକାରୀ	ଶାରଦ-୩	୦.୦୦୮	ଆବାଦଯୋଗ୍ୟ ଅନାବାଦି
	ଗୌଡବେଡ଼ା	୧୩୨୪	ସରକାରୀ	ଦଣ୍ଡା	୦.୦୦୮	ସର୍ବସାଧାରଣ
	ଗୌଡବେଡ଼ା	୧୩୫୧	ସରକାରୀ	ପଡ଼ିଆ-୧	୦.୧୧୩	ଅବାଦ ଅଯୋଗ୍ୟ ଅନାବାଦି
	ଗୌଡବେଡ଼ା	୧୩୫୨	ସରକାରୀ	ଜଳାଶୟ-୨	୦.୦୬୧	ରାସ୍ତା
	ଗୌଡବେଡ଼ା	୧୩୫୩	ସରକାରୀ	ପର୍ବତ-୨	୦.୦୨୪	ଅବାଦ ଅଯୋଗ୍ୟ ଅନାବାଦି
	ଗୌଡବେଡ଼ା	୧୩୫୪	ସରକାରୀ	ରାସ୍ତା	୦.୦୨୪	ରାସ୍ତା
	ଗୌଡବେଡ଼ା	୧୩୫୫	ସରକାରୀ	ନାଳ	୦.୦୩୬	ଅବାଦ ଅଯୋଗ୍ୟ ଅନାବାଦି
	ଗୌଡବେଡ଼ା	୧୨୬୬/୧୩୮୮	ବେସରକାରୀ	ରାସ୍ତା	୦.୦୪୦	ମେମ ପ୍ରଧାନ, ସ୍ୱାମୀ-ଅଭିରିତ ପ୍ରଧାନ, ଅନନ୍ତ ଚରଣ ପ୍ରଧାନ, ବାଲାଙ୍କବନ୍ଧୁ ପ୍ରଧାନ, ପିତା-ପୂର୍ଣ୍ଣ ଚନ୍ଦ୍ର ପ୍ରଧାନ, ଉଧୁ ପ୍ରଧାନ, ଡିକୁରି ପ୍ରଧାନ, ଗରୁ ପ୍ରଧାନ, ପିତା-ବାଞ୍ଛାନିଧି ପ୍ରଧାନ, ଦୁଟିତା ପ୍ରଧାନ, ସ୍ୱାମୀ-ବାଞ୍ଛା ପ୍ରଧାନ, ଜାତି-ତକ୍ଷା, ଗ୍ରାମ - ଗୌଡବେଡ଼ା
SEE NEXT PAGE
